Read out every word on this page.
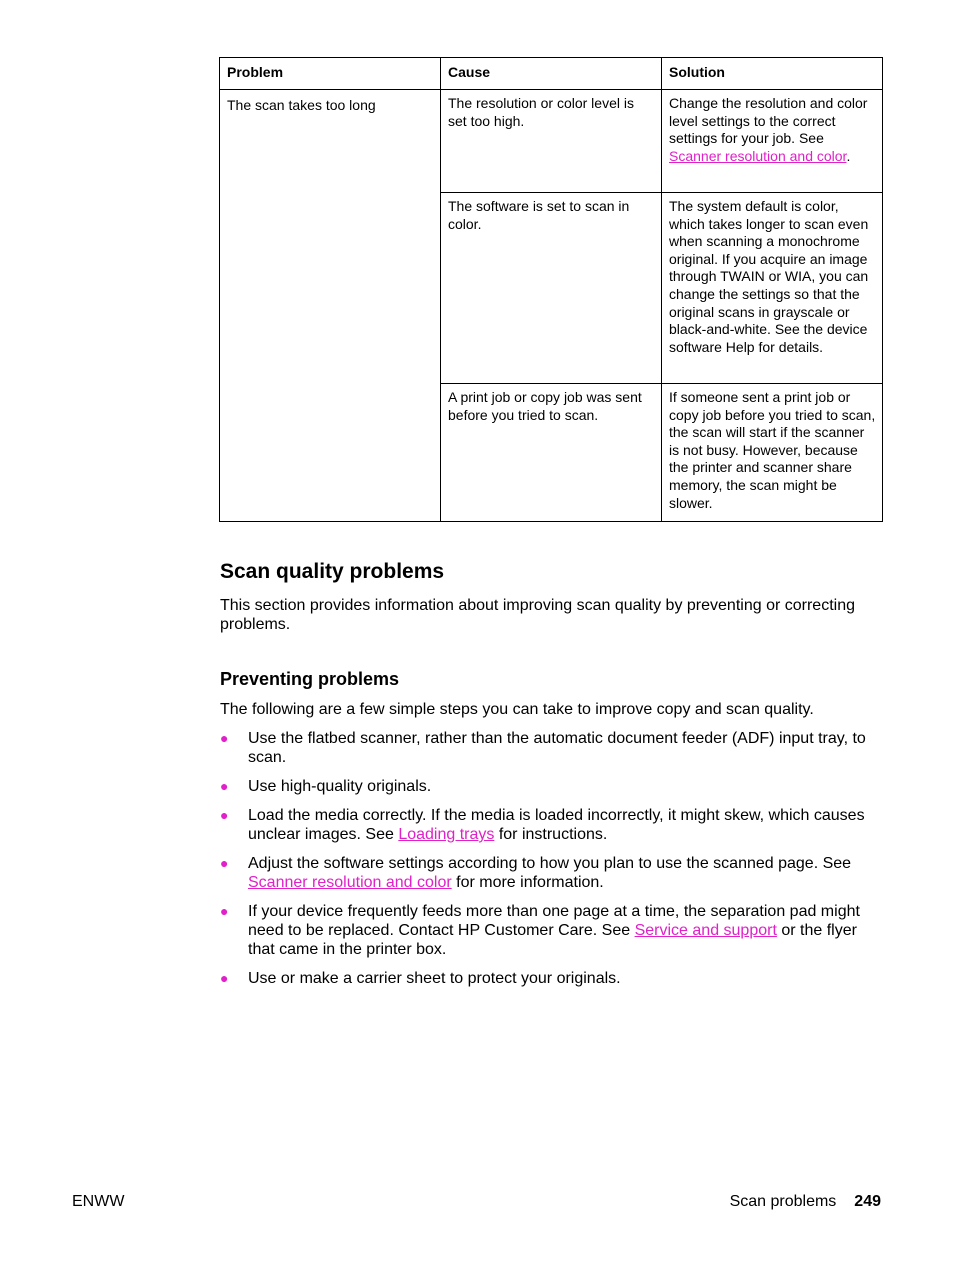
Problem	Cause	Solution
The scan takes too long	The resolution or color level is set too high.	Change the resolution and color level settings to the correct settings for your job. See Scanner resolution and color.
	The software is set to scan in color.	The system default is color, which takes longer to scan even when scanning a monochrome original. If you acquire an image through TWAIN or WIA, you can change the settings so that the original scans in grayscale or black-and-white. See the device software Help for details.
	A print job or copy job was sent before you tried to scan.	If someone sent a print job or copy job before you tried to scan, the scan will start if the scanner is not busy. However, because the printer and scanner share memory, the scan might be slower.
Scan quality problems

This section provides information about improving scan quality by preventing or correcting problems.

Preventing problems

The following are a few simple steps you can take to improve copy and scan quality.

● Use the flatbed scanner, rather than the automatic document feeder (ADF) input tray, to scan.
● Use high-quality originals.
● Load the media correctly. If the media is loaded incorrectly, it might skew, which causes unclear images. See Loading trays for instructions.
● Adjust the software settings according to how you plan to use the scanned page. See Scanner resolution and color for more information.
● If your device frequently feeds more than one page at a time, the separation pad might need to be replaced. Contact HP Customer Care. See Service and support or the flyer that came in the printer box.
● Use or make a carrier sheet to protect your originals.
ENWW	Scan problems 249
